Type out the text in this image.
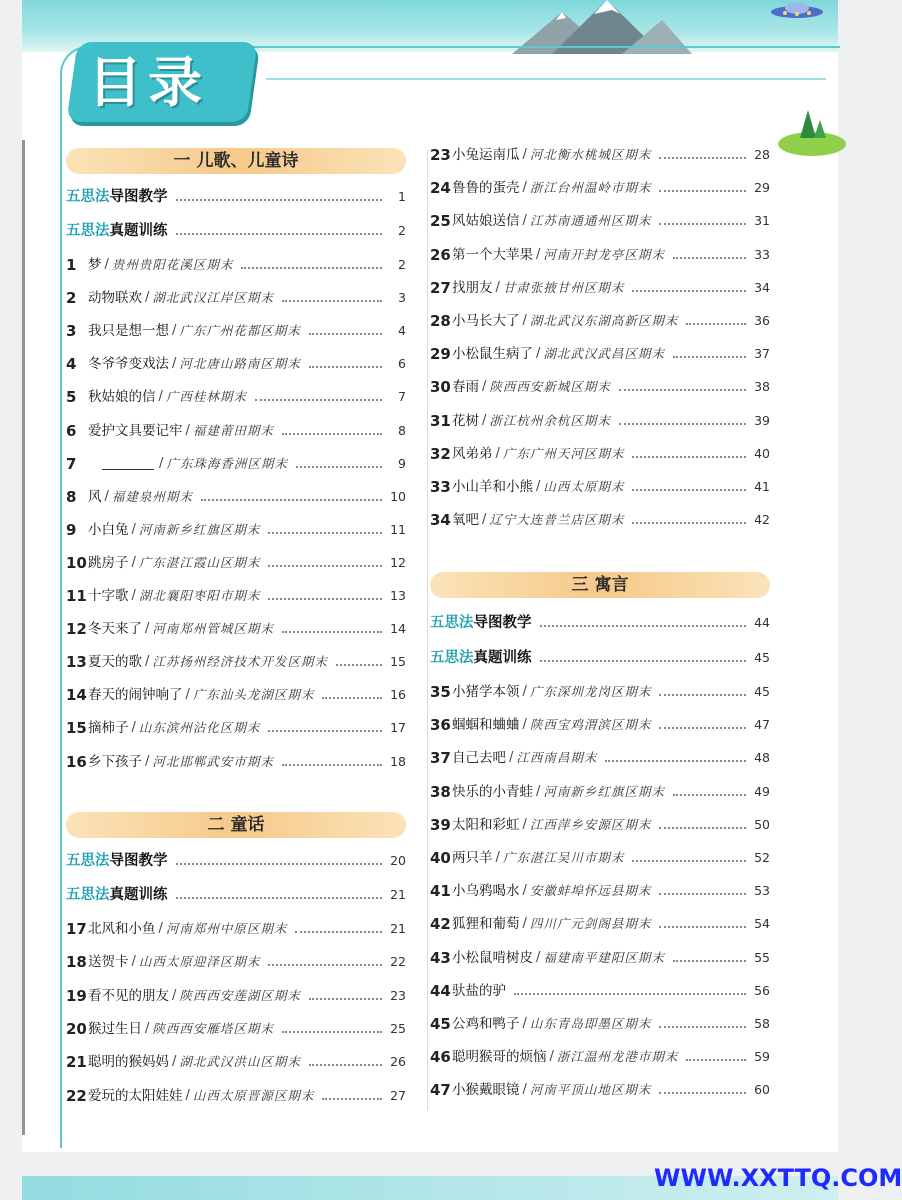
目录
一 儿歌、儿童诗
五思法 导图教学	1
五思法 真题训练	2
1 梦 / 贵州贵阳花溪区期末	2
2 动物联欢 / 湖北武汉江岸区期末	3
3 我只是想一想 / 广东广州花都区期末	4
4 冬爷爷变戏法 / 河北唐山路南区期末	6
5 秋姑娘的信 / 广西桂林期末	7
6 爱护文具要记牢 / 福建莆田期末	8
7	/ 广东珠海香洲区期末	9
8 风 / 福建泉州期末	10
9 小白兔 / 河南新乡红旗区期末	11
10 跳房子 / 广东湛江霞山区期末	12
11 十字歌 / 湖北襄阳枣阳市期末	13
12 冬天来了 / 河南郑州管城区期末	14
13 夏天的歌 / 江苏扬州经济技术开发区期末	15
14 春天的闹钟响了 / 广东汕头龙湖区期末	16
15 摘柿子 / 山东滨州沾化区期末	17
16 乡下孩子 / 河北邯郸武安市期末	18
二 童话
五思法 导图教学	20
五思法 真题训练	21
17 北风和小鱼 / 河南郑州中原区期末	21
18 送贺卡 / 山西太原迎泽区期末	22
19 看不见的朋友 / 陕西西安莲湖区期末	23
20 猴过生日 / 陕西西安雁塔区期末	25
21 聪明的猴妈妈 / 湖北武汉洪山区期末	26
22 爱玩的太阳娃娃 / 山西太原晋源区期末	27
23 小兔运南瓜 / 河北衡水桃城区期末	28
24 鲁鲁的蛋壳 / 浙江台州温岭市期末	29
25 风姑娘送信 / 江苏南通通州区期末	31
26 第一个大苹果 / 河南开封龙亭区期末	33
27 找朋友 / 甘肃张掖甘州区期末	34
28 小马长大了 / 湖北武汉东湖高新区期末	36
29 小松鼠生病了 / 湖北武汉武昌区期末	37
30 春雨 / 陕西西安新城区期末	38
31 花树 / 浙江杭州余杭区期末	39
32 风弟弟 / 广东广州天河区期末	40
33 小山羊和小熊 / 山西太原期末	41
34 氧吧 / 辽宁大连普兰店区期末	42
三 寓言
五思法 导图教学	44
五思法 真题训练	45
35 小猪学本领 / 广东深圳龙岗区期末	45
36 蝈蝈和蛐蛐 / 陕西宝鸡渭滨区期末	47
37 自己去吧 / 江西南昌期末	48
38 快乐的小青蛙 / 河南新乡红旗区期末	49
39 太阳和彩虹 / 江西萍乡安源区期末	50
40 两只羊 / 广东湛江吴川市期末	52
41 小乌鸦喝水 / 安徽蚌埠怀远县期末	53
42 狐狸和葡萄 / 四川广元剑阁县期末	54
43 小松鼠啃树皮 / 福建南平建阳区期末	55
44 驮盐的驴	56
45 公鸡和鸭子 / 山东青岛即墨区期末	58
46 聪明猴哥的烦恼 / 浙江温州龙港市期末	59
47 小猴戴眼镜 / 河南平顶山地区期末	60
WWW.XXTTQ.COM
